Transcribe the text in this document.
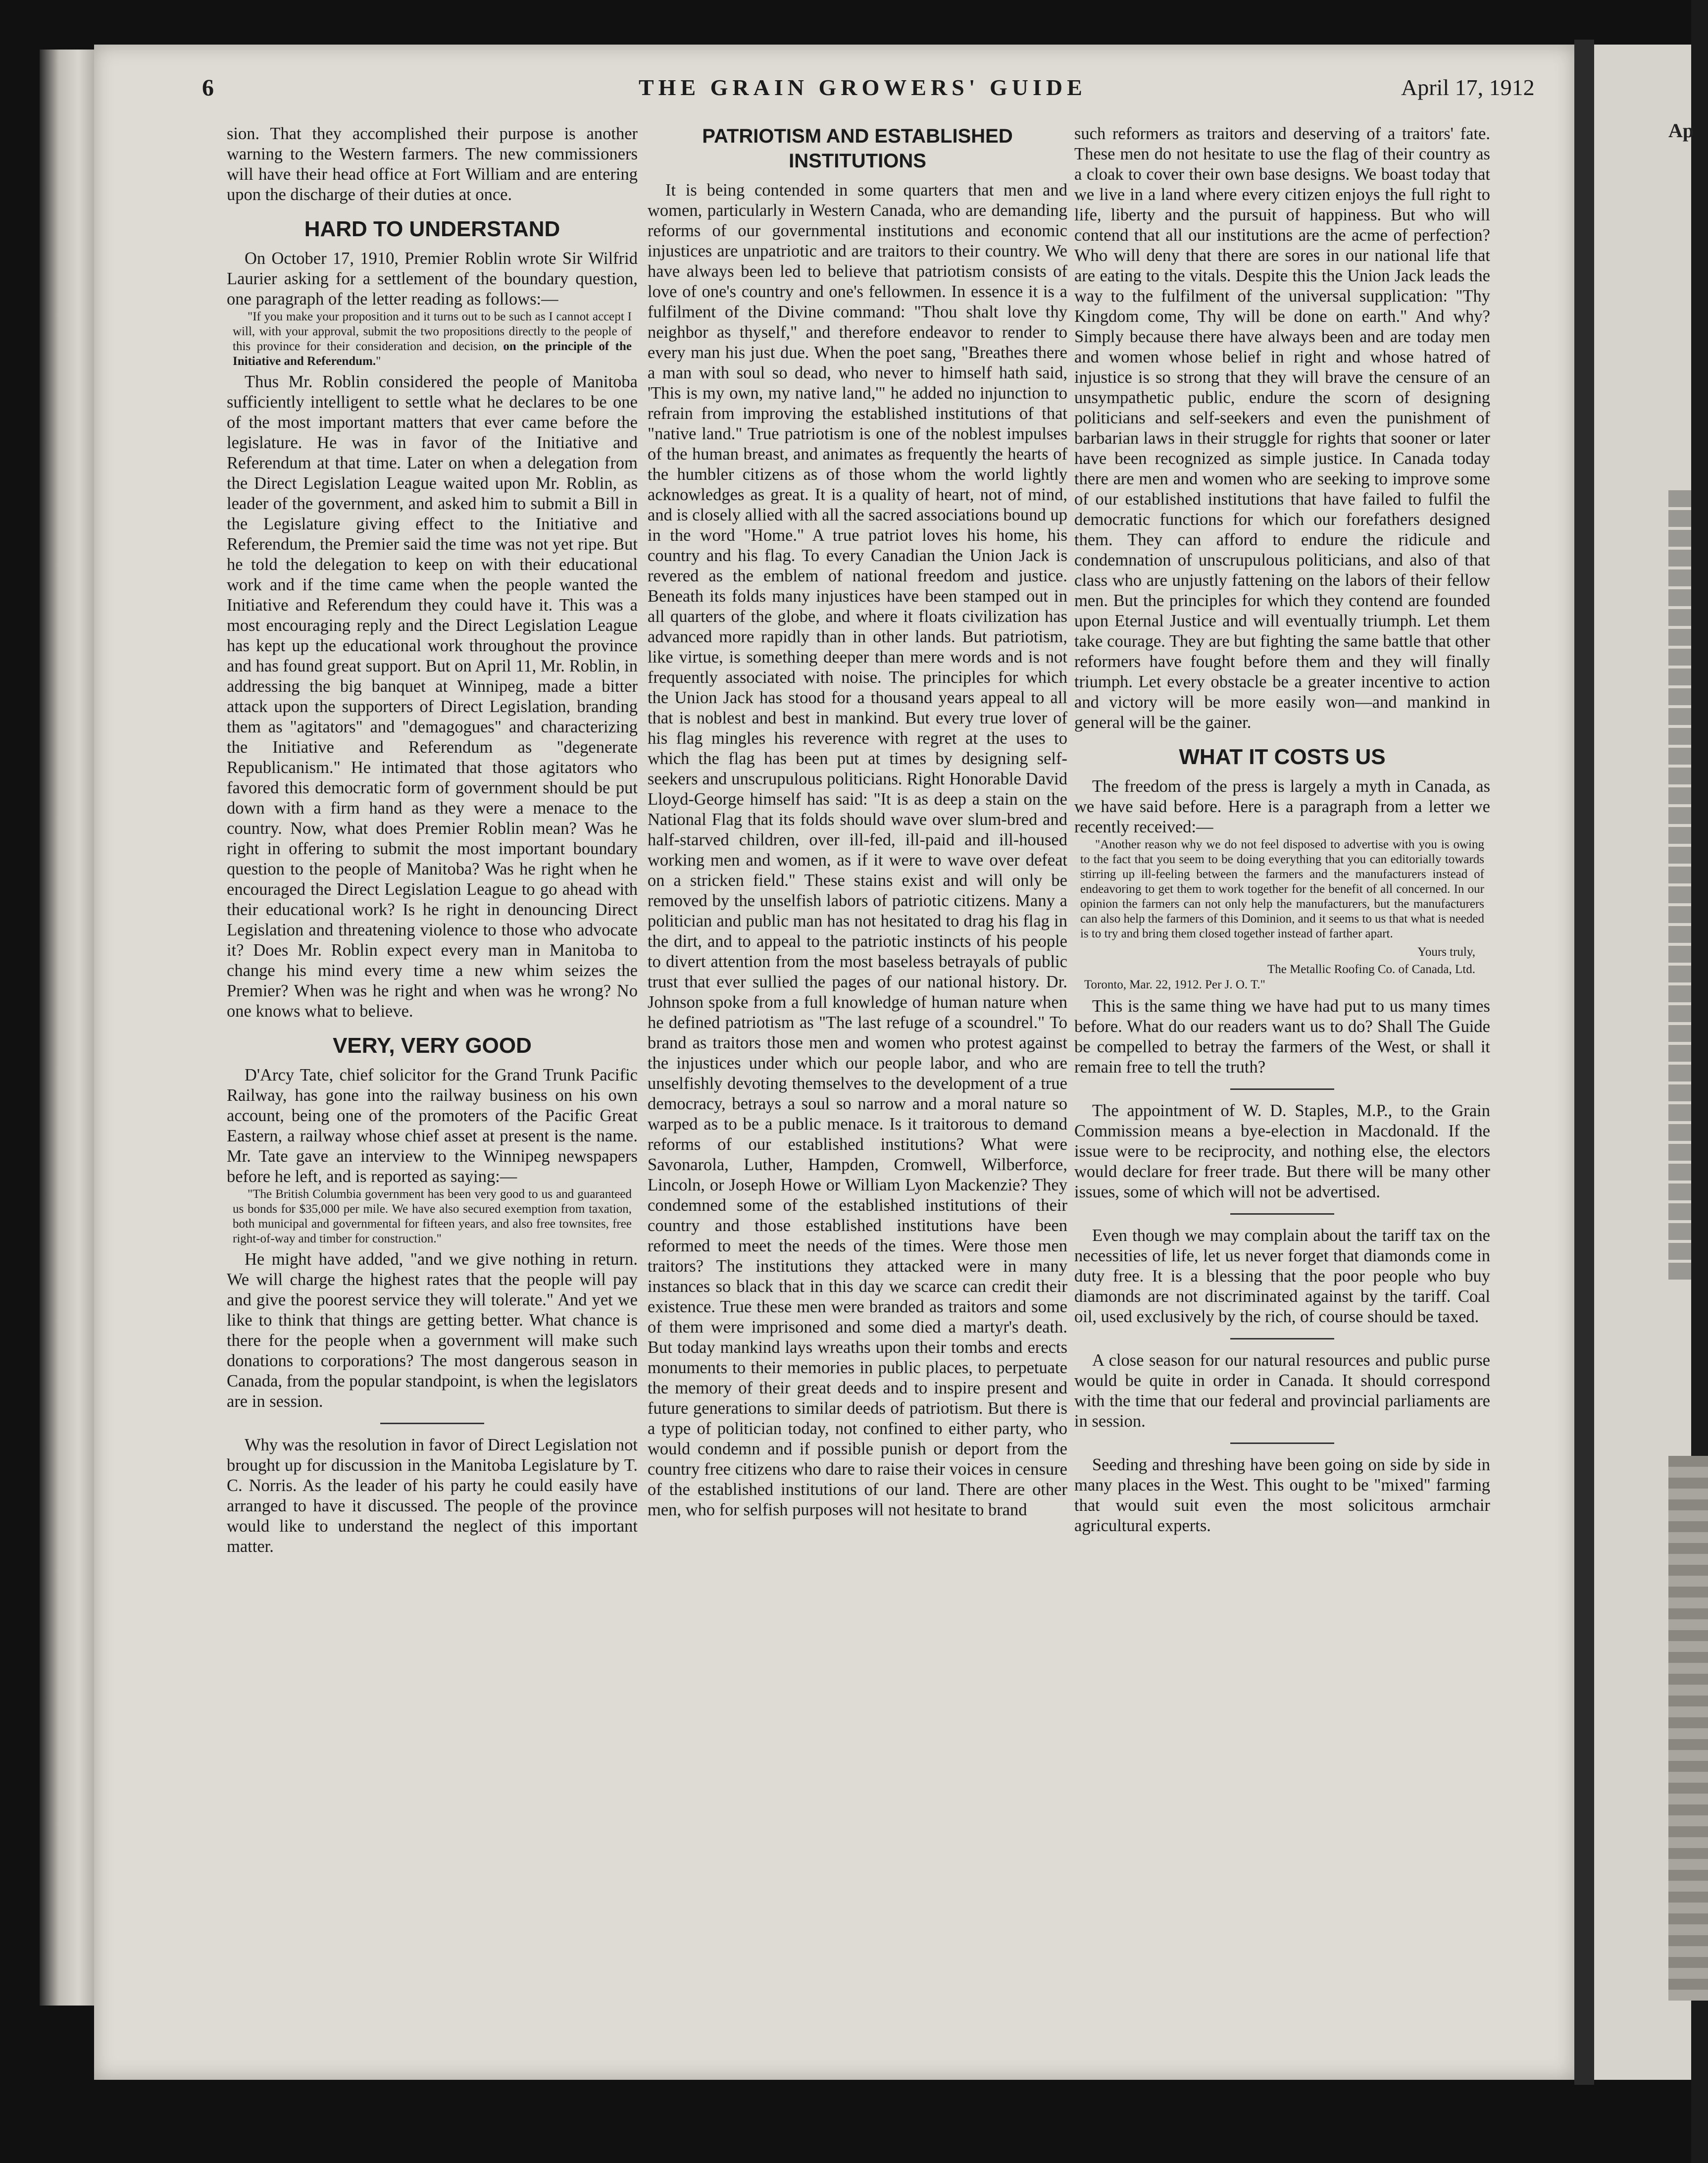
6	THE GRAIN GROWERS' GUIDE	April 17, 1912

sion. That they accomplished their purpose is another warning to the Western farmers. The new commissioners will have their head office at Fort William and are entering upon the discharge of their duties at once.

HARD TO UNDERSTAND

On October 17, 1910, Premier Roblin wrote Sir Wilfrid Laurier asking for a settlement of the boundary question, one paragraph of the letter reading as follows:—

"If you make your proposition and it turns out to be such as I cannot accept I will, with your approval, submit the two propositions directly to the people of this province for their consideration and decision, on the principle of the Initiative and Referendum."

Thus Mr. Roblin considered the people of Manitoba sufficiently intelligent to settle what he declares to be one of the most important matters that ever came before the legislature. He was in favor of the Initiative and Referendum at that time. Later on when a delegation from the Direct Legislation League waited upon Mr. Roblin, as leader of the government, and asked him to submit a Bill in the Legislature giving effect to the Initiative and Referendum, the Premier said the time was not yet ripe. But he told the delegation to keep on with their educational work and if the time came when the people wanted the Initiative and Referendum they could have it. This was a most encouraging reply and the Direct Legislation League has kept up the educational work throughout the province and has found great support. But on April 11, Mr. Roblin, in addressing the big banquet at Winnipeg, made a bitter attack upon the supporters of Direct Legislation, branding them as "agitators" and "demagogues" and characterizing the Initiative and Referendum as "degenerate Republicanism." He intimated that those agitators who favored this democratic form of government should be put down with a firm hand as they were a menace to the country. Now, what does Premier Roblin mean? Was he right in offering to submit the most important boundary question to the people of Manitoba? Was he right when he encouraged the Direct Legislation League to go ahead with their educational work? Is he right in denouncing Direct Legislation and threatening violence to those who advocate it? Does Mr. Roblin expect every man in Manitoba to change his mind every time a new whim seizes the Premier? When was he right and when was he wrong? No one knows what to believe.

VERY, VERY GOOD

D'Arcy Tate, chief solicitor for the Grand Trunk Pacific Railway, has gone into the railway business on his own account, being one of the promoters of the Pacific Great Eastern, a railway whose chief asset at present is the name. Mr. Tate gave an interview to the Winnipeg newspapers before he left, and is reported as saying:—

"The British Columbia government has been very good to us and guaranteed us bonds for $35,000 per mile. We have also secured exemption from taxation, both municipal and governmental for fifteen years, and also free townsites, free right-of-way and timber for construction."

He might have added, "and we give nothing in return. We will charge the highest rates that the people will pay and give the poorest service they will tolerate." And yet we like to think that things are getting better. What chance is there for the people when a government will make such donations to corporations? The most dangerous season in Canada, from the popular standpoint, is when the legislators are in session.

Why was the resolution in favor of Direct Legislation not brought up for discussion in the Manitoba Legislature by T. C. Norris. As the leader of his party he could easily have arranged to have it discussed. The people of the province would like to understand the neglect of this important matter.

PATRIOTISM AND ESTABLISHED INSTITUTIONS

It is being contended in some quarters that men and women, particularly in Western Canada, who are demanding reforms of our governmental institutions and economic injustices are unpatriotic and are traitors to their country. We have always been led to believe that patriotism consists of love of one's country and one's fellowmen. In essence it is a fulfilment of the Divine command: "Thou shalt love thy neighbor as thyself," and therefore endeavor to render to every man his just due. When the poet sang, "Breathes there a man with soul so dead, who never to himself hath said, 'This is my own, my native land,'" he added no injunction to refrain from improving the established institutions of that "native land." True patriotism is one of the noblest impulses of the human breast, and animates as frequently the hearts of the humbler citizens as of those whom the world lightly acknowledges as great. It is a quality of heart, not of mind, and is closely allied with all the sacred associations bound up in the word "Home." A true patriot loves his home, his country and his flag. To every Canadian the Union Jack is revered as the emblem of national freedom and justice. Beneath its folds many injustices have been stamped out in all quarters of the globe, and where it floats civilization has advanced more rapidly than in other lands. But patriotism, like virtue, is something deeper than mere words and is not frequently associated with noise. The principles for which the Union Jack has stood for a thousand years appeal to all that is noblest and best in mankind. But every true lover of his flag mingles his reverence with regret at the uses to which the flag has been put at times by designing self-seekers and unscrupulous politicians. Right Honorable David Lloyd-George himself has said: "It is as deep a stain on the National Flag that its folds should wave over slum-bred and half-starved children, over ill-fed, ill-paid and ill-housed working men and women, as if it were to wave over defeat on a stricken field." These stains exist and will only be removed by the unselfish labors of patriotic citizens. Many a politician and public man has not hesitated to drag his flag in the dirt, and to appeal to the patriotic instincts of his people to divert attention from the most baseless betrayals of public trust that ever sullied the pages of our national history. Dr. Johnson spoke from a full knowledge of human nature when he defined patriotism as "The last refuge of a scoundrel." To brand as traitors those men and women who protest against the injustices under which our people labor, and who are unselfishly devoting themselves to the development of a true democracy, betrays a soul so narrow and a moral nature so warped as to be a public menace. Is it traitorous to demand reforms of our established institutions? What were Savonarola, Luther, Hampden, Cromwell, Wilberforce, Lincoln, or Joseph Howe or William Lyon Mackenzie? They condemned some of the established institutions of their country and those established institutions have been reformed to meet the needs of the times. Were those men traitors? The institutions they attacked were in many instances so black that in this day we scarce can credit their existence. True these men were branded as traitors and some of them were imprisoned and some died a martyr's death. But today mankind lays wreaths upon their tombs and erects monuments to their memories in public places, to perpetuate the memory of their great deeds and to inspire present and future generations to similar deeds of patriotism. But there is a type of politician today, not confined to either party, who would condemn and if possible punish or deport from the country free citizens who dare to raise their voices in censure of the established institutions of our land. There are other men, who for selfish purposes will not hesitate to brand

such reformers as traitors and deserving of a traitors' fate. These men do not hesitate to use the flag of their country as a cloak to cover their own base designs. We boast today that we live in a land where every citizen enjoys the full right to life, liberty and the pursuit of happiness. But who will contend that all our institutions are the acme of perfection? Who will deny that there are sores in our national life that are eating to the vitals. Despite this the Union Jack leads the way to the fulfilment of the universal supplication: "Thy Kingdom come, Thy will be done on earth." And why? Simply because there have always been and are today men and women whose belief in right and whose hatred of injustice is so strong that they will brave the censure of an unsympathetic public, endure the scorn of designing politicians and self-seekers and even the punishment of barbarian laws in their struggle for rights that sooner or later have been recognized as simple justice. In Canada today there are men and women who are seeking to improve some of our established institutions that have failed to fulfil the democratic functions for which our forefathers designed them. They can afford to endure the ridicule and condemnation of unscrupulous politicians, and also of that class who are unjustly fattening on the labors of their fellow men. But the principles for which they contend are founded upon Eternal Justice and will eventually triumph. Let them take courage. They are but fighting the same battle that other reformers have fought before them and they will finally triumph. Let every obstacle be a greater incentive to action and victory will be more easily won—and mankind in general will be the gainer.

WHAT IT COSTS US

The freedom of the press is largely a myth in Canada, as we have said before. Here is a paragraph from a letter we recently received:—

"Another reason why we do not feel disposed to advertise with you is owing to the fact that you seem to be doing everything that you can editorially towards stirring up ill-feeling between the farmers and the manufacturers instead of endeavoring to get them to work together for the benefit of all concerned. In our opinion the farmers can not only help the manufacturers, but the manufacturers can also help the farmers of this Dominion, and it seems to us that what is needed is to try and bring them closed together instead of farther apart.

Yours truly,
The Metallic Roofing Co. of Canada, Ltd.
Toronto, Mar. 22, 1912. Per J. O. T."

This is the same thing we have had put to us many times before. What do our readers want us to do? Shall The Guide be compelled to betray the farmers of the West, or shall it remain free to tell the truth?

The appointment of W. D. Staples, M.P., to the Grain Commission means a bye-election in Macdonald. If the issue were to be reciprocity, and nothing else, the electors would declare for freer trade. But there will be many other issues, some of which will not be advertised.

Even though we may complain about the tariff tax on the necessities of life, let us never forget that diamonds come in duty free. It is a blessing that the poor people who buy diamonds are not discriminated against by the tariff. Coal oil, used exclusively by the rich, of course should be taxed.

A close season for our natural resources and public purse would be quite in order in Canada. It should correspond with the time that our federal and provincial parliaments are in session.

Seeding and threshing have been going on side by side in many places in the West. This ought to be "mixed" farming that would suit even the most solicitous armchair agricultural experts.

Ap
